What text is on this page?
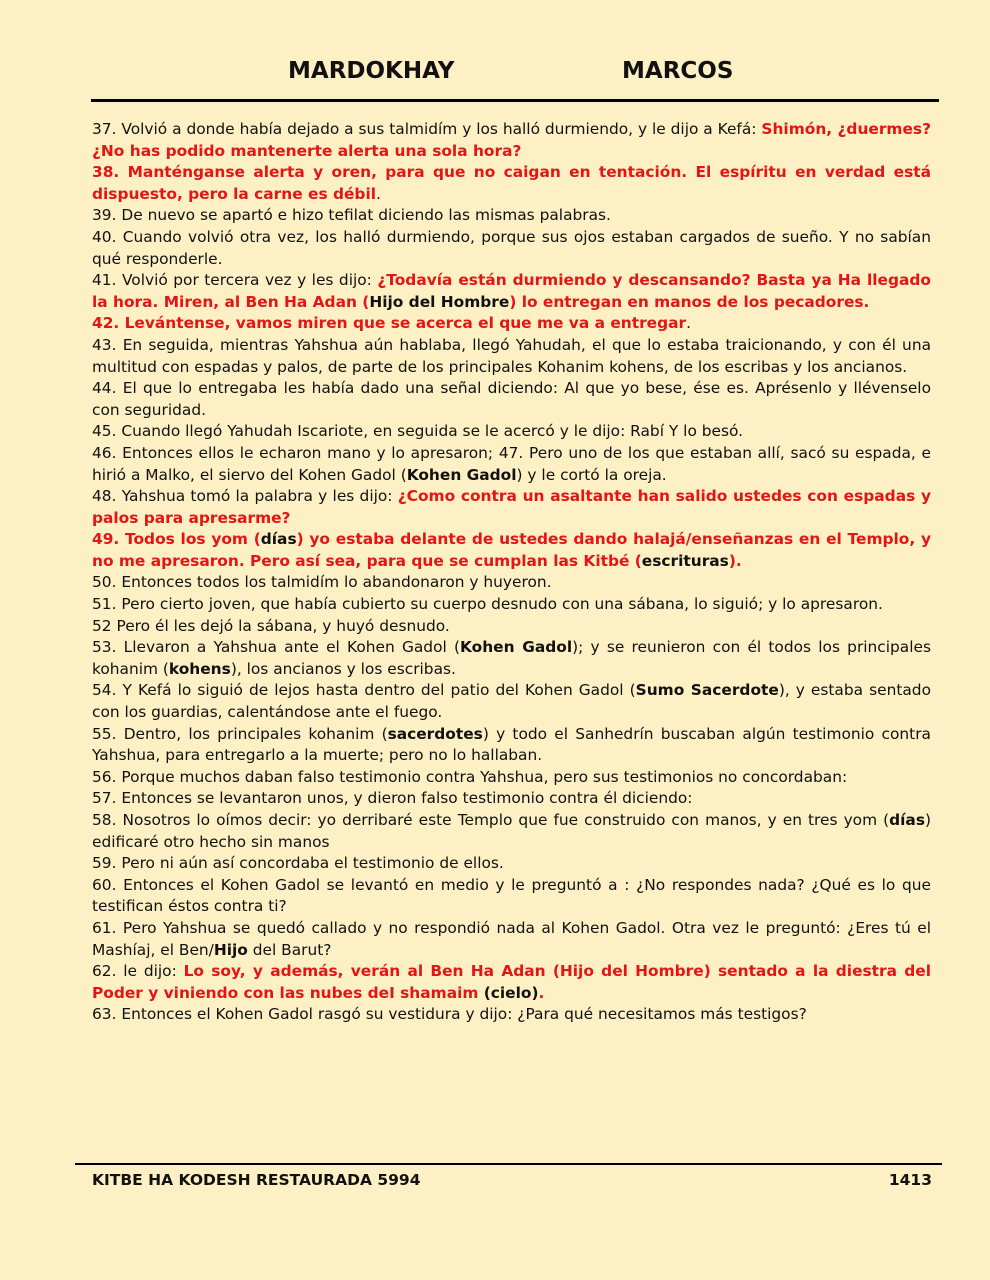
MARDOKHAY	MARCOS

37. Volvió a donde había dejado a sus talmidím y los halló durmiendo, y le dijo a Kefá: Shimón, ¿duermes? ¿No has podido mantenerte alerta una sola hora?

38. Manténganse alerta y oren, para que no caigan en tentación. El espíritu en verdad está dispuesto, pero la carne es débil.

39. De nuevo se apartó e hizo tefilat diciendo las mismas palabras.

40. Cuando volvió otra vez, los halló durmiendo, porque sus ojos estaban cargados de sueño. Y no sabían qué responderle.

41. Volvió por tercera vez y les dijo: ¿Todavía están durmiendo y descansando? Basta ya Ha llegado la hora. Miren, al Ben Ha Adan (Hijo del Hombre) lo entregan en manos de los pecadores.

42. Levántense, vamos miren que se acerca el que me va a entregar.

43. En seguida, mientras Yahshua aún hablaba, llegó Yahudah, el que lo estaba traicionando, y con él una multitud con espadas y palos, de parte de los principales Kohanim kohens, de los escribas y los ancianos.

44. El que lo entregaba les había dado una señal diciendo: Al que yo bese, ése es. Aprésenlo y llévenselo con seguridad.

45. Cuando llegó Yahudah Iscariote, en seguida se le acercó y le dijo: Rabí Y lo besó.

46. Entonces ellos le echaron mano y lo apresaron; 47. Pero uno de los que estaban allí, sacó su espada, e hirió a Malko, el siervo del Kohen Gadol (Kohen Gadol) y le cortó la oreja.

48. Yahshua tomó la palabra y les dijo: ¿Como contra un asaltante han salido ustedes con espadas y palos para apresarme?

49. Todos los yom (días) yo estaba delante de ustedes dando halajá/enseñanzas en el Templo, y no me apresaron. Pero así sea, para que se cumplan las Kitbé (escrituras).

50. Entonces todos los talmidím lo abandonaron y huyeron.

51. Pero cierto joven, que había cubierto su cuerpo desnudo con una sábana, lo siguió; y lo apresaron.

52 Pero él les dejó la sábana, y huyó desnudo.

53. Llevaron a Yahshua ante el Kohen Gadol (Kohen Gadol); y se reunieron con él todos los principales kohanim (kohens), los ancianos y los escribas.

54. Y Kefá lo siguió de lejos hasta dentro del patio del Kohen Gadol (Sumo Sacerdote), y estaba sentado con los guardias, calentándose ante el fuego.

55. Dentro, los principales kohanim (sacerdotes) y todo el Sanhedrín buscaban algún testimonio contra Yahshua, para entregarlo a la muerte; pero no lo hallaban.

56. Porque muchos daban falso testimonio contra Yahshua, pero sus testimonios no concordaban:

57. Entonces se levantaron unos, y dieron falso testimonio contra él diciendo:

58. Nosotros lo oímos decir: yo derribaré este Templo que fue construido con manos, y en tres yom (días) edificaré otro hecho sin manos

59. Pero ni aún así concordaba el testimonio de ellos.

60. Entonces el Kohen Gadol se levantó en medio y le preguntó a : ¿No respondes nada? ¿Qué es lo que testifican éstos contra ti?

61. Pero Yahshua se quedó callado y no respondió nada al Kohen Gadol. Otra vez le preguntó: ¿Eres tú el Mashíaj, el Ben/Hijo del Barut?

62. le dijo: Lo soy, y además, verán al Ben Ha Adan (Hijo del Hombre) sentado a la diestra del Poder y viniendo con las nubes deI shamaim (cielo).

63. Entonces el Kohen Gadol rasgó su vestidura y dijo: ¿Para qué necesitamos más testigos?

KITBE HA KODESH RESTAURADA 5994	1413
